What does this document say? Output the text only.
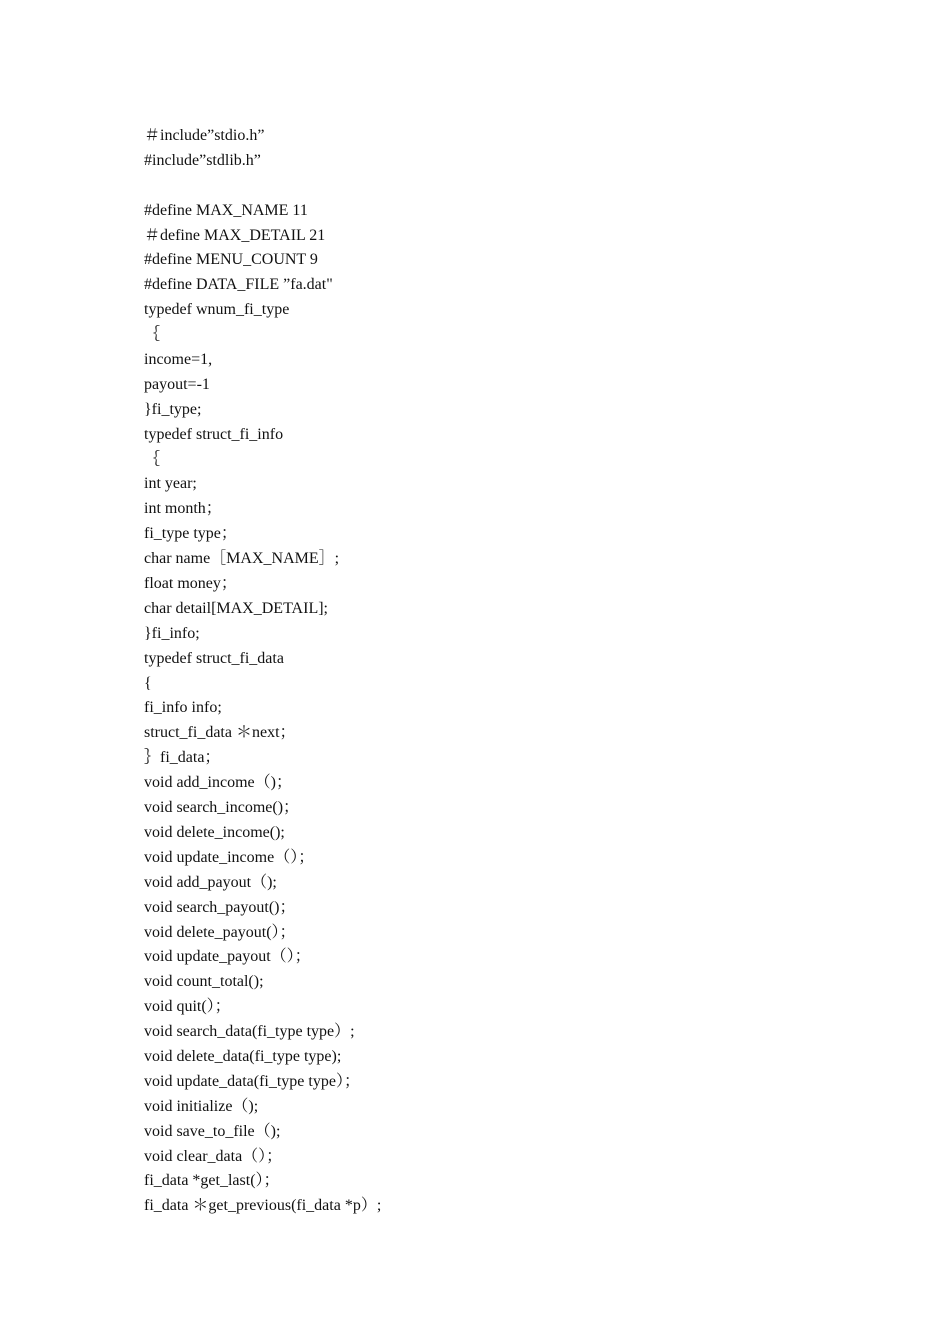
＃include”stdio.h”
#include”stdlib.h”
#define MAX_NAME 11
＃define MAX_DETAIL 21
#define MENU_COUNT 9
#define DATA_FILE ”fa.dat"
typedef wnum_fi_type
｛
income=1,
payout=-1
}fi_type;
typedef struct_fi_info
｛
int year;
int month；
fi_type type；
char name［MAX_NAME］;
float money；
char detail[MAX_DETAIL];
}fi_info;
typedef struct_fi_data
{
fi_info info;
struct_fi_data ＊next；
｝fi_data；
void add_income（)；
void search_income()；
void delete_income();
void update_income（）；
void add_payout（);
void search_payout()；
void delete_payout(）；
void update_payout（）；
void count_total();
void quit(）；
void search_data(fi_type type）;
void delete_data(fi_type type);
void update_data(fi_type type）；
void initialize（);
void save_to_file（);
void clear_data（）；
fi_data *get_last(）；
fi_data ＊get_previous(fi_data *p）;
